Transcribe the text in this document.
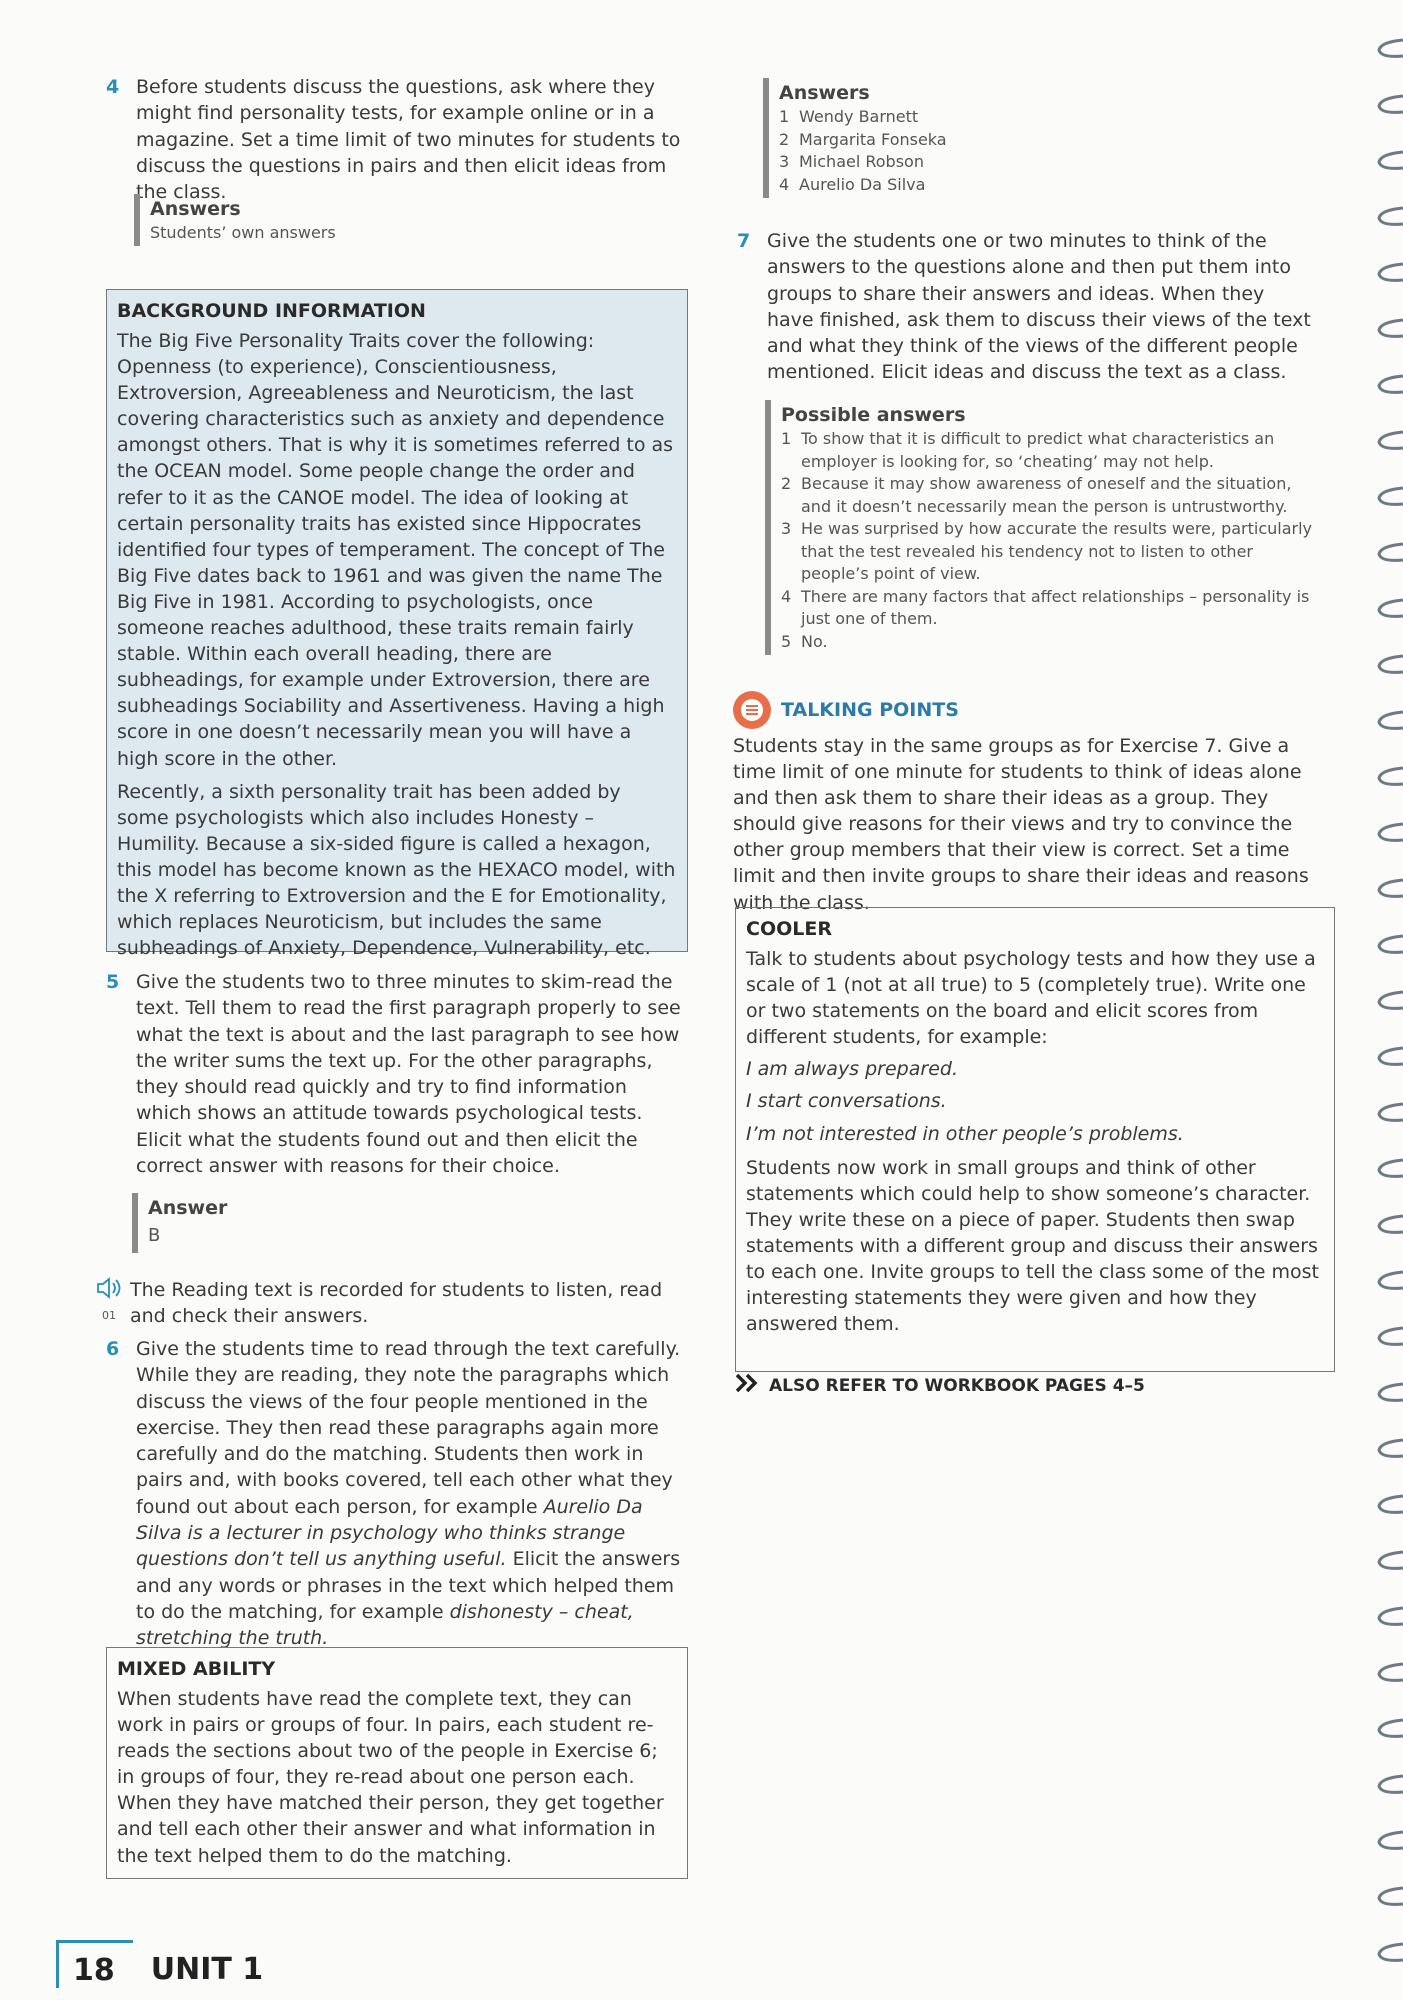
4 Before students discuss the questions, ask where they might find personality tests, for example online or in a magazine. Set a time limit of two minutes for students to discuss the questions in pairs and then elicit ideas from the class.

Answers
Students’ own answers
BACKGROUND INFORMATION

The Big Five Personality Traits cover the following: Openness (to experience), Conscientiousness, Extroversion, Agreeableness and Neuroticism, the last covering characteristics such as anxiety and dependence amongst others. That is why it is sometimes referred to as the OCEAN model. Some people change the order and refer to it as the CANOE model. The idea of looking at certain personality traits has existed since Hippocrates identified four types of temperament. The concept of The Big Five dates back to 1961 and was given the name The Big Five in 1981. According to psychologists, once someone reaches adulthood, these traits remain fairly stable. Within each overall heading, there are subheadings, for example under Extroversion, there are subheadings Sociability and Assertiveness. Having a high score in one doesn’t necessarily mean you will have a high score in the other.

Recently, a sixth personality trait has been added by some psychologists which also includes Honesty – Humility. Because a six-sided figure is called a hexagon, this model has become known as the HEXACO model, with the X referring to Extroversion and the E for Emotionality, which replaces Neuroticism, but includes the same subheadings of Anxiety, Dependence, Vulnerability, etc.

5 Give the students two to three minutes to skim-read the text. Tell them to read the first paragraph properly to see what the text is about and the last paragraph to see how the writer sums the text up. For the other paragraphs, they should read quickly and try to find information which shows an attitude towards psychological tests. Elicit what the students found out and then elicit the correct answer with reasons for their choice.

Answer
B
01

The Reading text is recorded for students to listen, read and check their answers.

6 Give the students time to read through the text carefully. While they are reading, they note the paragraphs which discuss the views of the four people mentioned in the exercise. They then read these paragraphs again more carefully and do the matching. Students then work in pairs and, with books covered, tell each other what they found out about each person, for example Aurelio Da Silva is a lecturer in psychology who thinks strange questions don’t tell us anything useful. Elicit the answers and any words or phrases in the text which helped them to do the matching, for example dishonesty – cheat, stretching the truth.

MIXED ABILITY

When students have read the complete text, they can work in pairs or groups of four. In pairs, each student re-reads the sections about two of the people in Exercise 6; in groups of four, they re-read about one person each. When they have matched their person, they get together and tell each other their answer and what information in the text helped them to do the matching.

Answers
1 Wendy Barnett
2 Margarita Fonseka
3 Michael Robson
4 Aurelio Da Silva
7 Give the students one or two minutes to think of the answers to the questions alone and then put them into groups to share their answers and ideas. When they have finished, ask them to discuss their views of the text and what they think of the views of the different people mentioned. Elicit ideas and discuss the text as a class.

Possible answers
1 To show that it is difficult to predict what characteristics an employer is looking for, so ‘cheating’ may not help.
2 Because it may show awareness of oneself and the situation, and it doesn’t necessarily mean the person is untrustworthy.
3 He was surprised by how accurate the results were, particularly that the test revealed his tendency not to listen to other people’s point of view.
4 There are many factors that affect relationships – personality is just one of them.
5 No.
TALKING POINTS

Students stay in the same groups as for Exercise 7. Give a time limit of one minute for students to think of ideas alone and then ask them to share their ideas as a group. They should give reasons for their views and try to convince the other group members that their view is correct. Set a time limit and then invite groups to share their ideas and reasons with the class.

COOLER

Talk to students about psychology tests and how they use a scale of 1 (not at all true) to 5 (completely true). Write one or two statements on the board and elicit scores from different students, for example:

I am always prepared.

I start conversations.

I’m not interested in other people’s problems.

Students now work in small groups and think of other statements which could help to show someone’s character. They write these on a piece of paper. Students then swap statements with a different group and discuss their answers to each one. Invite groups to tell the class some of the most interesting statements they were given and how they answered them.

ALSO REFER TO WORKBOOK PAGES 4–5
18	UNIT 1
